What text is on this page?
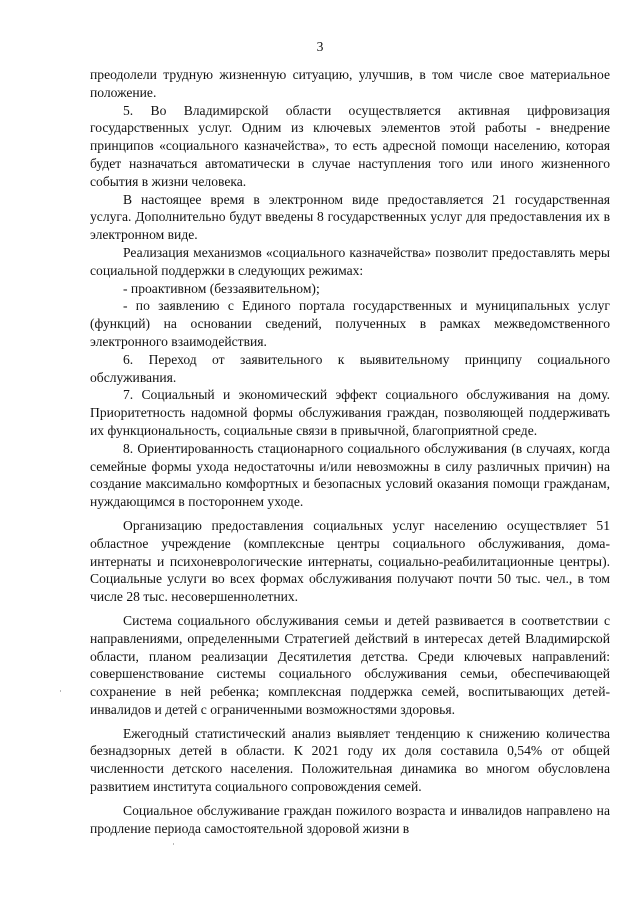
3

преодолели трудную жизненную ситуацию, улучшив, в том числе свое материальное положение.

5. Во Владимирской области осуществляется активная цифровизация государственных услуг. Одним из ключевых элементов этой работы - внедрение принципов «социального казначейства», то есть адресной помощи населению, которая будет назначаться автоматически в случае наступления того или иного жизненного события в жизни человека.

В настоящее время в электронном виде предоставляется 21 государственная услуга. Дополнительно будут введены 8 государственных услуг для предоставления их в электронном виде.

Реализация механизмов «социального казначейства» позволит предоставлять меры социальной поддержки в следующих режимах:

- проактивном (беззаявительном);

- по заявлению с Единого портала государственных и муниципальных услуг (функций) на основании сведений, полученных в рамках межведомственного электронного взаимодействия.

6. Переход от заявительного к выявительному принципу социального обслуживания.

7. Социальный и экономический эффект социального обслуживания на дому. Приоритетность надомной формы обслуживания граждан, позволяющей поддерживать их функциональность, социальные связи в привычной, благоприятной среде.

8. Ориентированность стационарного социального обслуживания (в случаях, когда семейные формы ухода недостаточны и/или невозможны в силу различных причин) на создание максимально комфортных и безопасных условий оказания помощи гражданам, нуждающимся в постороннем уходе.

Организацию предоставления социальных услуг населению осуществляет 51 областное учреждение (комплексные центры социального обслуживания, дома-интернаты и психоневрологические интернаты, социально-реабилитационные центры). Социальные услуги во всех формах обслуживания получают почти 50 тыс. чел., в том числе 28 тыс. несовершеннолетних.

Система социального обслуживания семьи и детей развивается в соответствии с направлениями, определенными Стратегией действий в интересах детей Владимирской области, планом реализации Десятилетия детства. Среди ключевых направлений: совершенствование системы социального обслуживания семьи, обеспечивающей сохранение в ней ребенка; комплексная поддержка семей, воспитывающих детей-инвалидов и детей с ограниченными возможностями здоровья.

Ежегодный статистический анализ выявляет тенденцию к снижению количества безнадзорных детей в области. К 2021 году их доля составила 0,54% от общей численности детского населения. Положительная динамика во многом обусловлена развитием института социального сопровождения семей.

Социальное обслуживание граждан пожилого возраста и инвалидов направлено на продление периода самостоятельной здоровой жизни в
